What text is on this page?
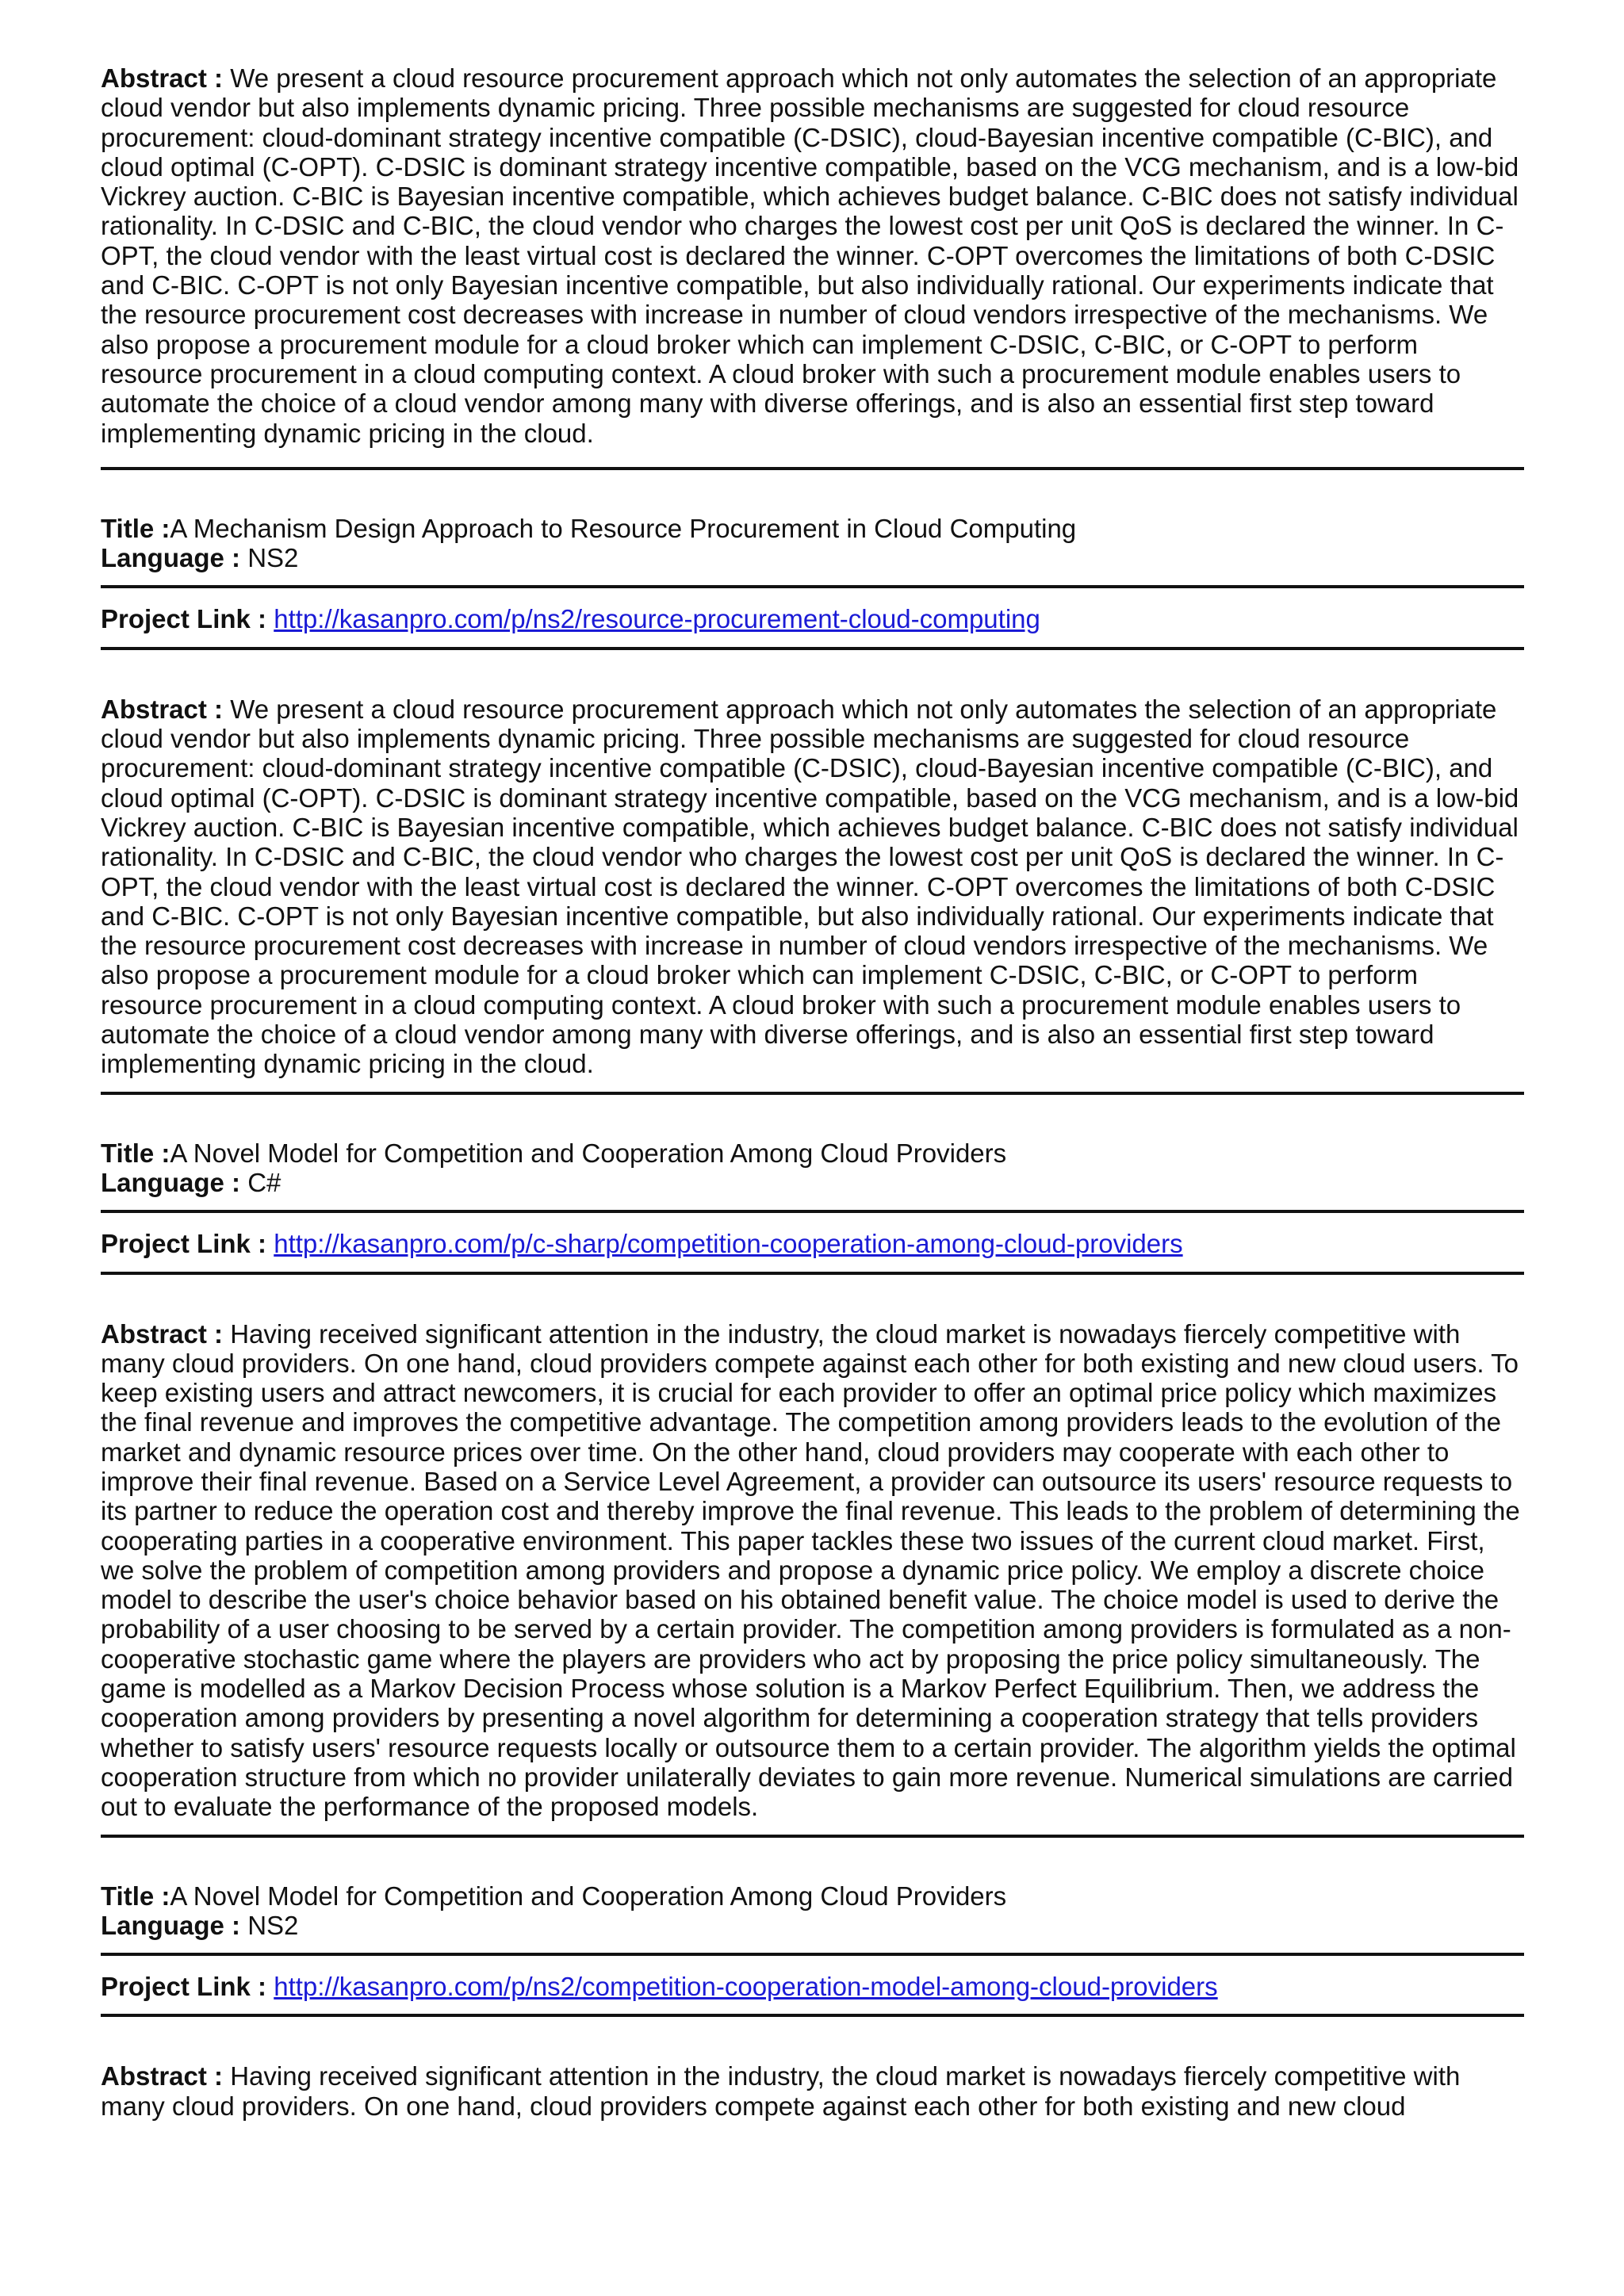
Abstract : We present a cloud resource procurement approach which not only automates the selection of an appropriate cloud vendor but also implements dynamic pricing. Three possible mechanisms are suggested for cloud resource procurement: cloud-dominant strategy incentive compatible (C-DSIC), cloud-Bayesian incentive compatible (C-BIC), and cloud optimal (C-OPT). C-DSIC is dominant strategy incentive compatible, based on the VCG mechanism, and is a low-bid Vickrey auction. C-BIC is Bayesian incentive compatible, which achieves budget balance. C-BIC does not satisfy individual rationality. In C-DSIC and C-BIC, the cloud vendor who charges the lowest cost per unit QoS is declared the winner. In C-OPT, the cloud vendor with the least virtual cost is declared the winner. C-OPT overcomes the limitations of both C-DSIC and C-BIC. C-OPT is not only Bayesian incentive compatible, but also individually rational. Our experiments indicate that the resource procurement cost decreases with increase in number of cloud vendors irrespective of the mechanisms. We also propose a procurement module for a cloud broker which can implement C-DSIC, C-BIC, or C-OPT to perform resource procurement in a cloud computing context. A cloud broker with such a procurement module enables users to automate the choice of a cloud vendor among many with diverse offerings, and is also an essential first step toward implementing dynamic pricing in the cloud.

Title :A Mechanism Design Approach to Resource Procurement in Cloud Computing

Language : NS2

Project Link : http://kasanpro.com/p/ns2/resource-procurement-cloud-computing

Abstract : We present a cloud resource procurement approach which not only automates the selection of an appropriate cloud vendor but also implements dynamic pricing. Three possible mechanisms are suggested for cloud resource procurement: cloud-dominant strategy incentive compatible (C-DSIC), cloud-Bayesian incentive compatible (C-BIC), and cloud optimal (C-OPT). C-DSIC is dominant strategy incentive compatible, based on the VCG mechanism, and is a low-bid Vickrey auction. C-BIC is Bayesian incentive compatible, which achieves budget balance. C-BIC does not satisfy individual rationality. In C-DSIC and C-BIC, the cloud vendor who charges the lowest cost per unit QoS is declared the winner. In C-OPT, the cloud vendor with the least virtual cost is declared the winner. C-OPT overcomes the limitations of both C-DSIC and C-BIC. C-OPT is not only Bayesian incentive compatible, but also individually rational. Our experiments indicate that the resource procurement cost decreases with increase in number of cloud vendors irrespective of the mechanisms. We also propose a procurement module for a cloud broker which can implement C-DSIC, C-BIC, or C-OPT to perform resource procurement in a cloud computing context. A cloud broker with such a procurement module enables users to automate the choice of a cloud vendor among many with diverse offerings, and is also an essential first step toward implementing dynamic pricing in the cloud.

Title :A Novel Model for Competition and Cooperation Among Cloud Providers

Language : C#

Project Link : http://kasanpro.com/p/c-sharp/competition-cooperation-among-cloud-providers

Abstract : Having received significant attention in the industry, the cloud market is nowadays fiercely competitive with many cloud providers. On one hand, cloud providers compete against each other for both existing and new cloud users. To keep existing users and attract newcomers, it is crucial for each provider to offer an optimal price policy which maximizes the final revenue and improves the competitive advantage. The competition among providers leads to the evolution of the market and dynamic resource prices over time. On the other hand, cloud providers may cooperate with each other to improve their final revenue. Based on a Service Level Agreement, a provider can outsource its users' resource requests to its partner to reduce the operation cost and thereby improve the final revenue. This leads to the problem of determining the cooperating parties in a cooperative environment. This paper tackles these two issues of the current cloud market. First, we solve the problem of competition among providers and propose a dynamic price policy. We employ a discrete choice model to describe the user's choice behavior based on his obtained benefit value. The choice model is used to derive the probability of a user choosing to be served by a certain provider. The competition among providers is formulated as a non-cooperative stochastic game where the players are providers who act by proposing the price policy simultaneously. The game is modelled as a Markov Decision Process whose solution is a Markov Perfect Equilibrium. Then, we address the cooperation among providers by presenting a novel algorithm for determining a cooperation strategy that tells providers whether to satisfy users' resource requests locally or outsource them to a certain provider. The algorithm yields the optimal cooperation structure from which no provider unilaterally deviates to gain more revenue. Numerical simulations are carried out to evaluate the performance of the proposed models.

Title :A Novel Model for Competition and Cooperation Among Cloud Providers

Language : NS2

Project Link : http://kasanpro.com/p/ns2/competition-cooperation-model-among-cloud-providers

Abstract : Having received significant attention in the industry, the cloud market is nowadays fiercely competitive with many cloud providers. On one hand, cloud providers compete against each other for both existing and new cloud
